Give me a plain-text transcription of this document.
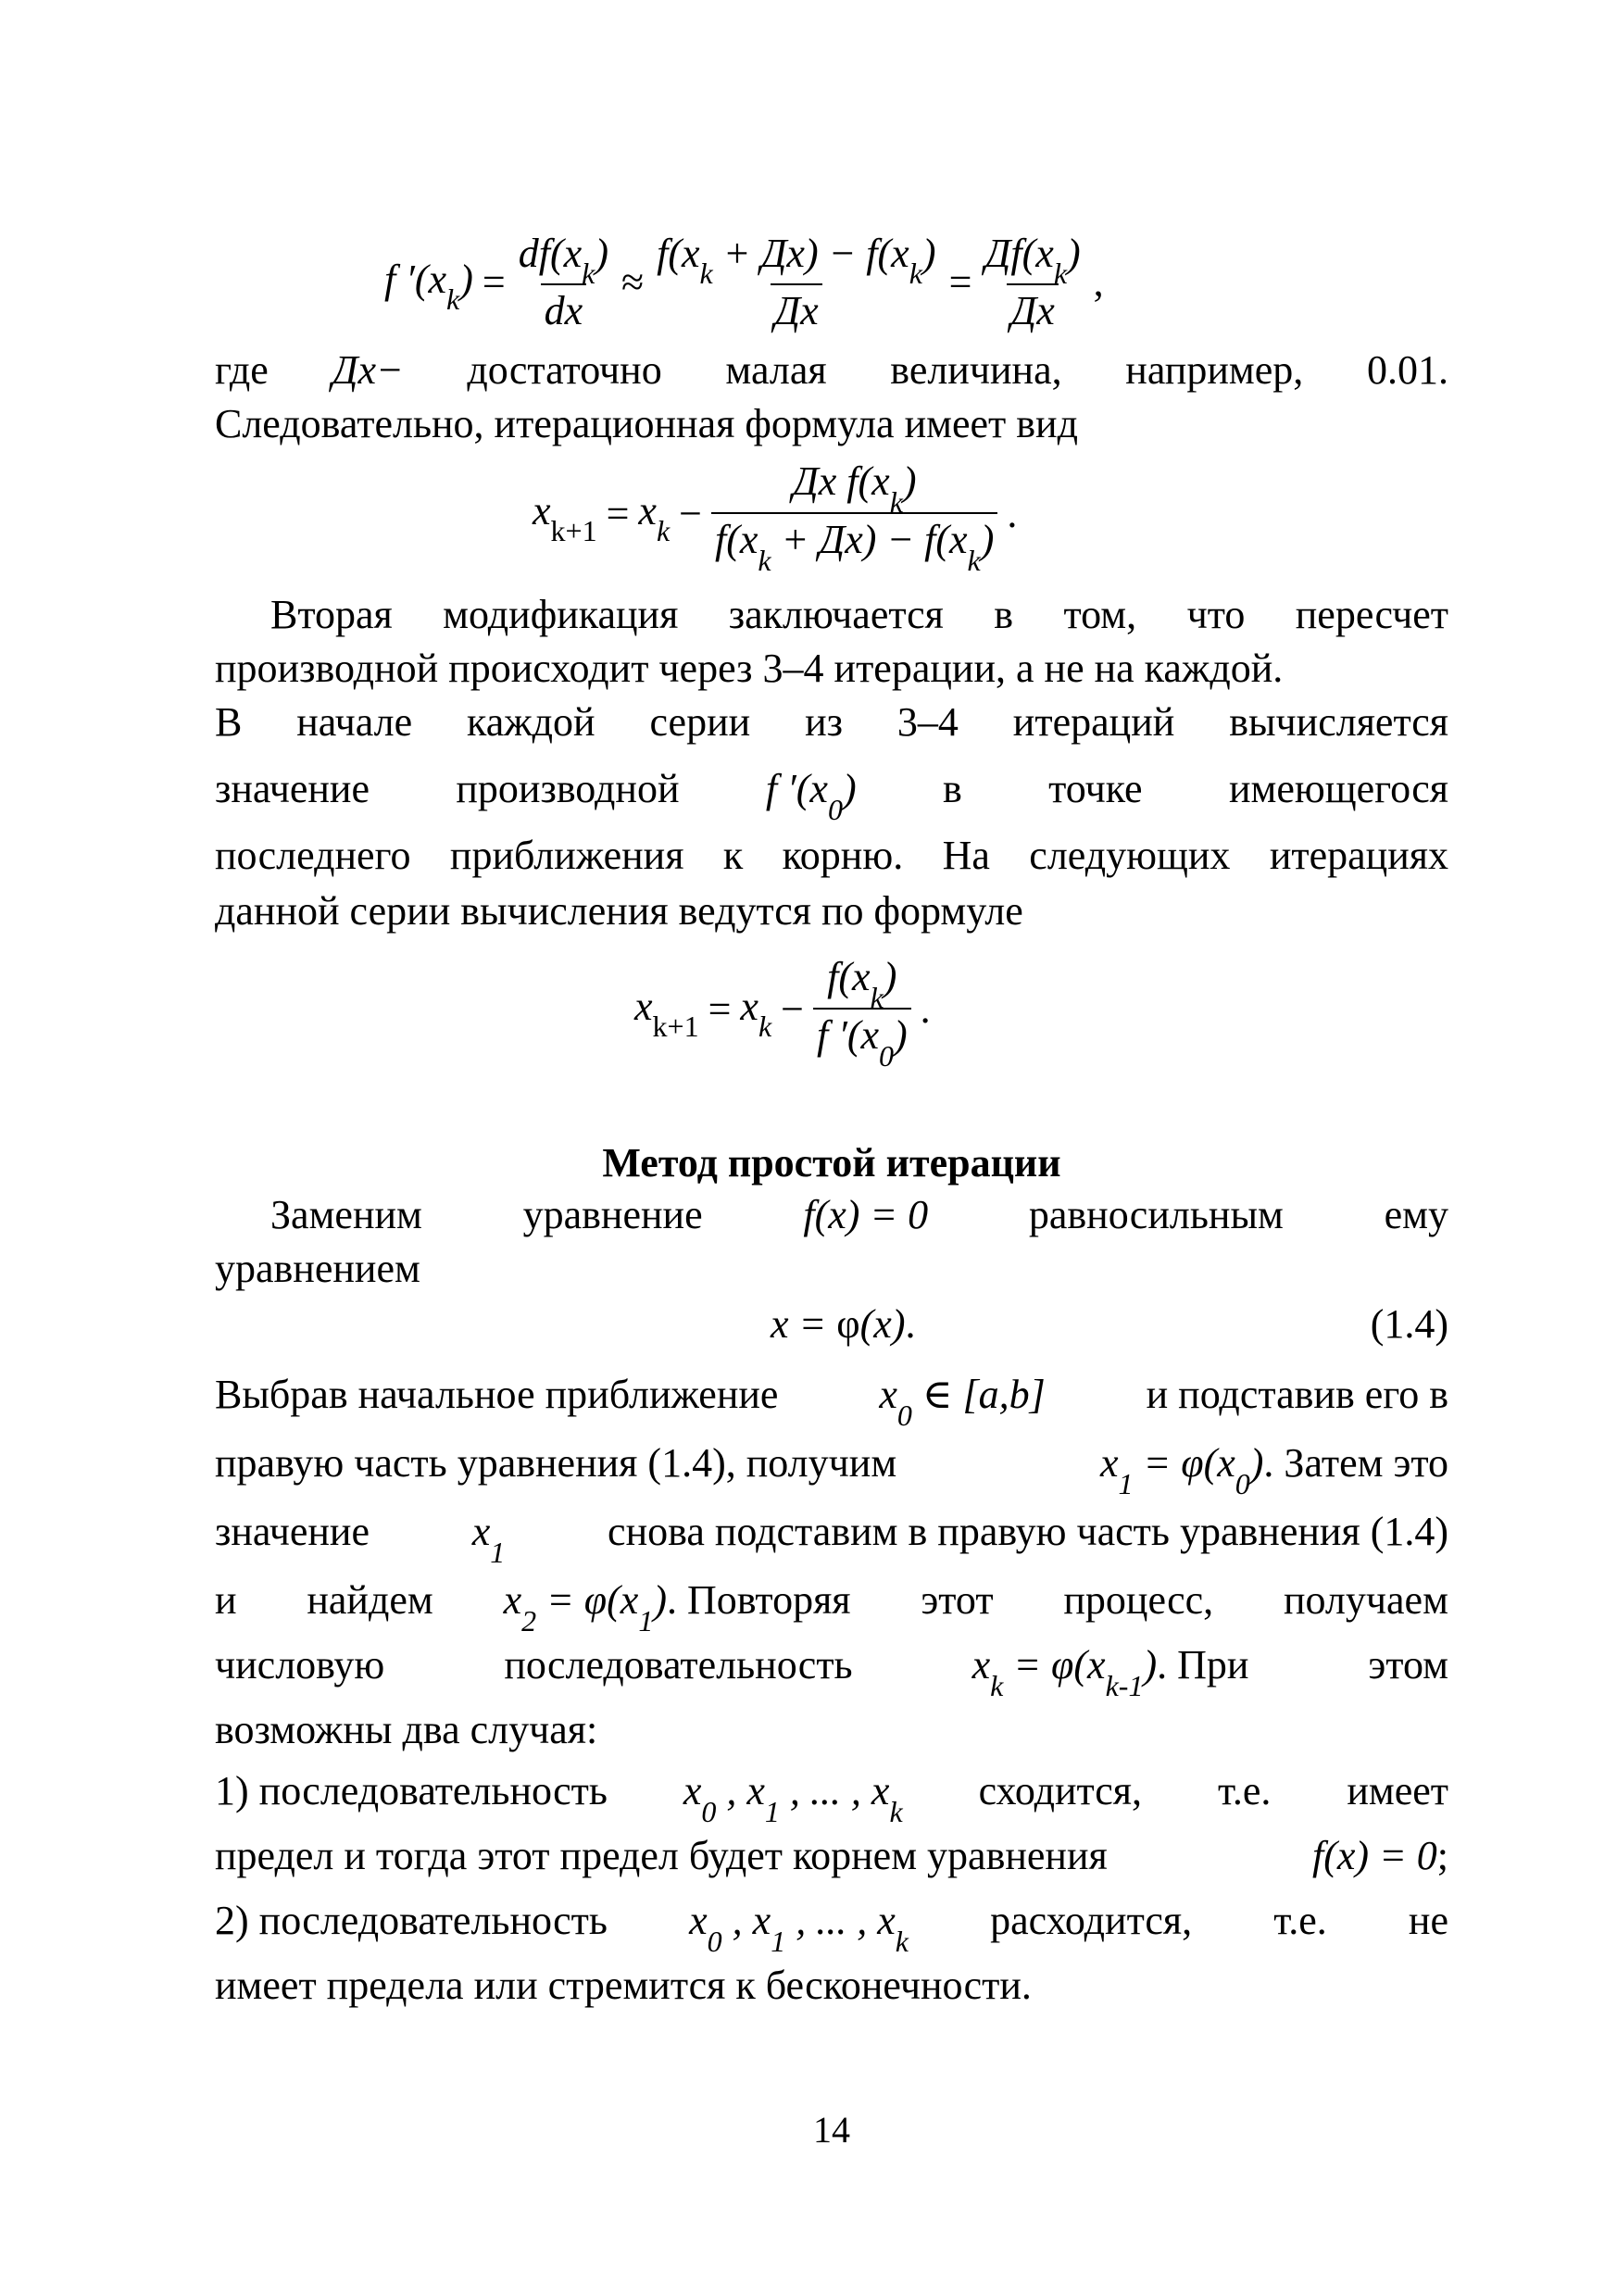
f $'(x_k) = \frac{df(x_k)}{dx} \approx \frac{f(x_k + Дx) - f(x_k)}{Дx} = \frac{Дf(x_k)}{Дx}$ ,
где Дx− достаточно малая величина, например, 0.01.
Следовательно, итерационная формула имеет вид
$x_{k+1} = x_k - \frac{Дx f(x_k)}{f(x_k + Дx) - f(x_k)}$ .
Вторая модификация заключается в том, что пересчет
производной происходит через 3–4 итерации, а не на каждой.
В начале каждой серии из 3–4 итераций вычисляется
значение производной f $'(x_0)$ в точке имеющегося
последнего приближения к корню. На следующих итерациях
данной серии вычисления ведутся по формуле
$x_{k+1} = x_k - \frac{f(x_k)}{f '(x_0)}$ .
Метод простой итерации
Заменим уравнение f(x) = 0 равносильным ему
уравнением
x = φ(x).	(1.4)
Выбрав начальное приближение $x_0$ ∈ [a,b] и подставив его в
правую часть уравнения (1.4), получим	$x_1 = \varphi(x_0)$. Затем это
значение	$x_1$	снова подставим в правую часть уравнения (1.4)
и найдем $x_2 = \varphi(x_1)$. Повторяя этот процесс, получаем
числовую	последовательность	$x_k = \varphi(x_{k-1})$. При	этом
возможны два случая:
1) последовательность $x_0$ , $x_1$ , ... , $x_k$ сходится, т.е. имеет
предел и тогда этот предел будет корнем уравнения	f(x) = 0;
2) последовательность $x_0$ , $x_1$ , ... , $x_k$ расходится, т.е. не
имеет предела или стремится к бесконечности.
14
